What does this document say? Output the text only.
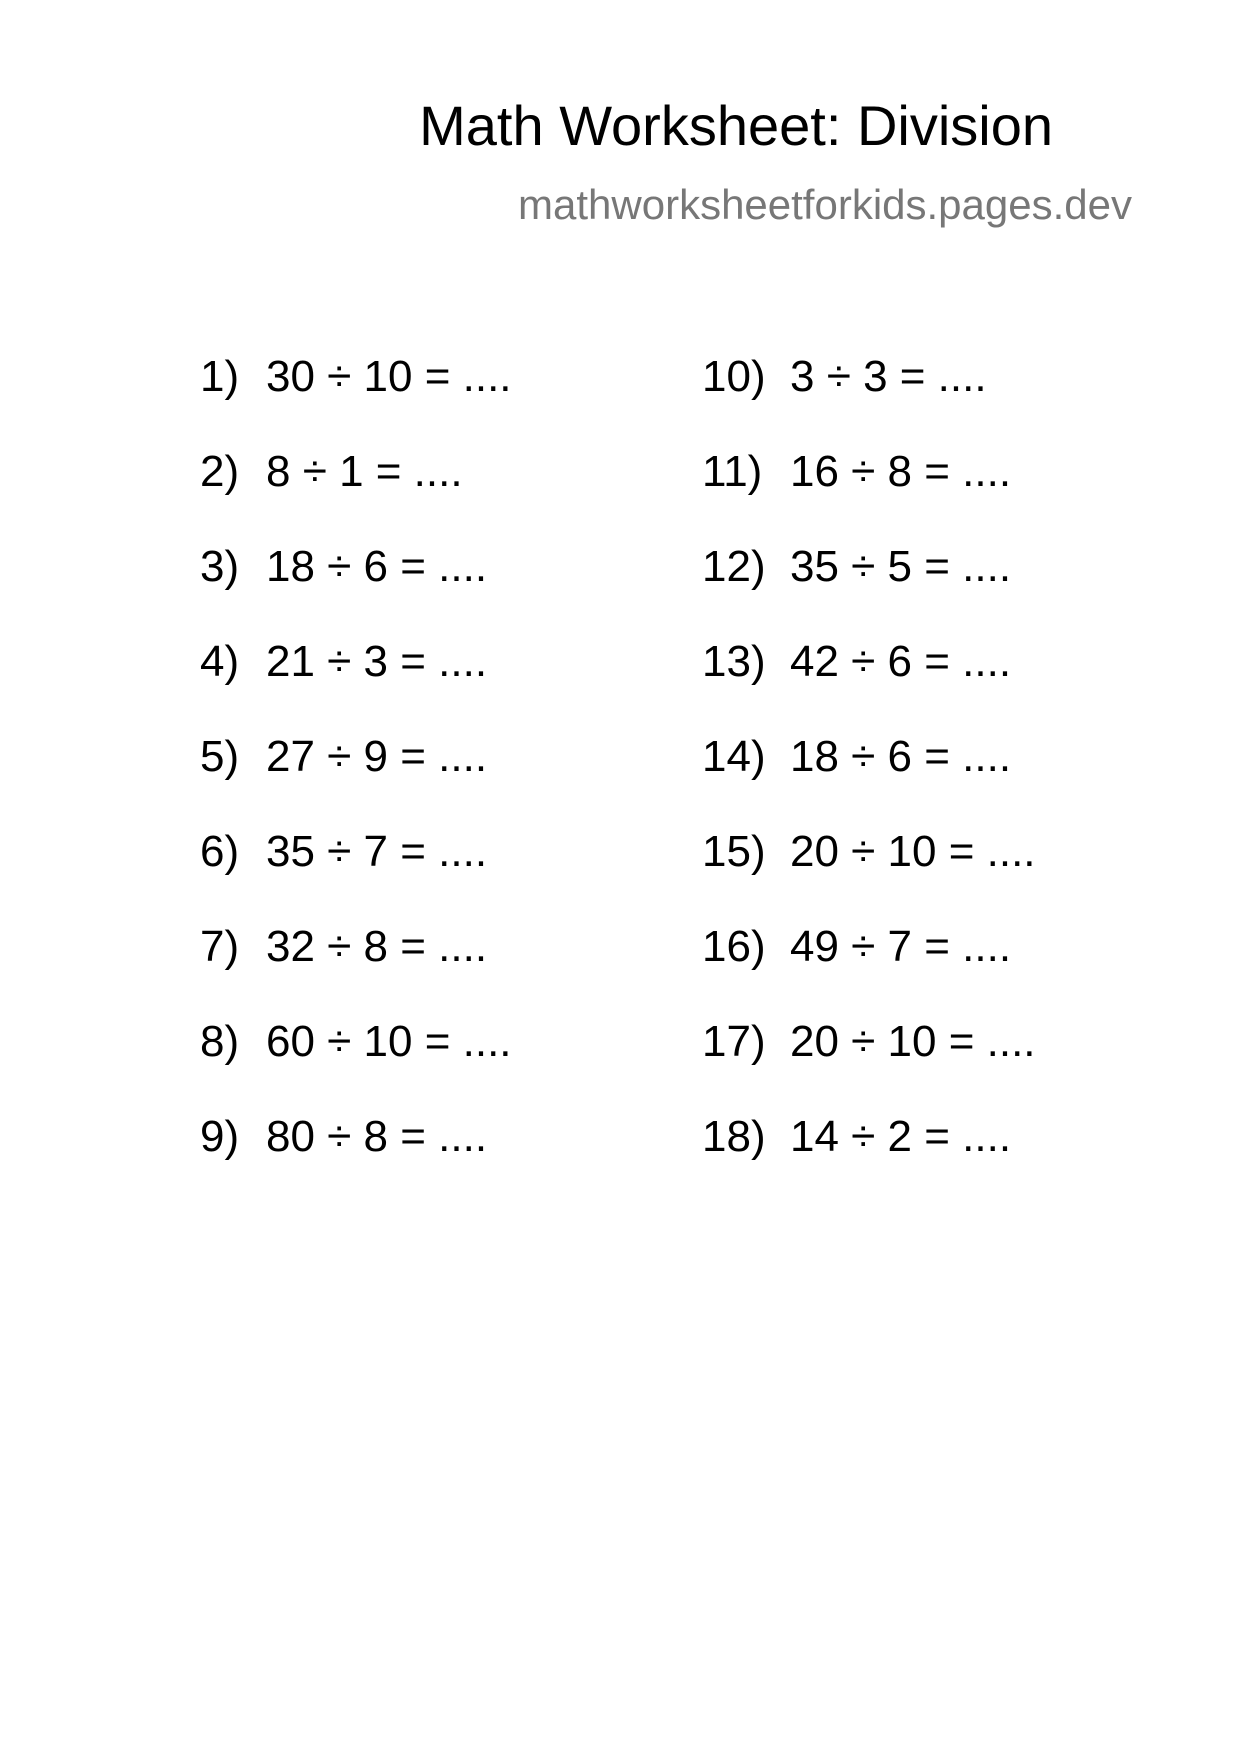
Math Worksheet: Division
mathworksheetforkids.pages.dev
1) 30 ÷ 10 = ....
2) 8 ÷ 1 = ....
3) 18 ÷ 6 = ....
4) 21 ÷ 3 = ....
5) 27 ÷ 9 = ....
6) 35 ÷ 7 = ....
7) 32 ÷ 8 = ....
8) 60 ÷ 10 = ....
9) 80 ÷ 8 = ....
10) 3 ÷ 3 = ....
11) 16 ÷ 8 = ....
12) 35 ÷ 5 = ....
13) 42 ÷ 6 = ....
14) 18 ÷ 6 = ....
15) 20 ÷ 10 = ....
16) 49 ÷ 7 = ....
17) 20 ÷ 10 = ....
18) 14 ÷ 2 = ....
